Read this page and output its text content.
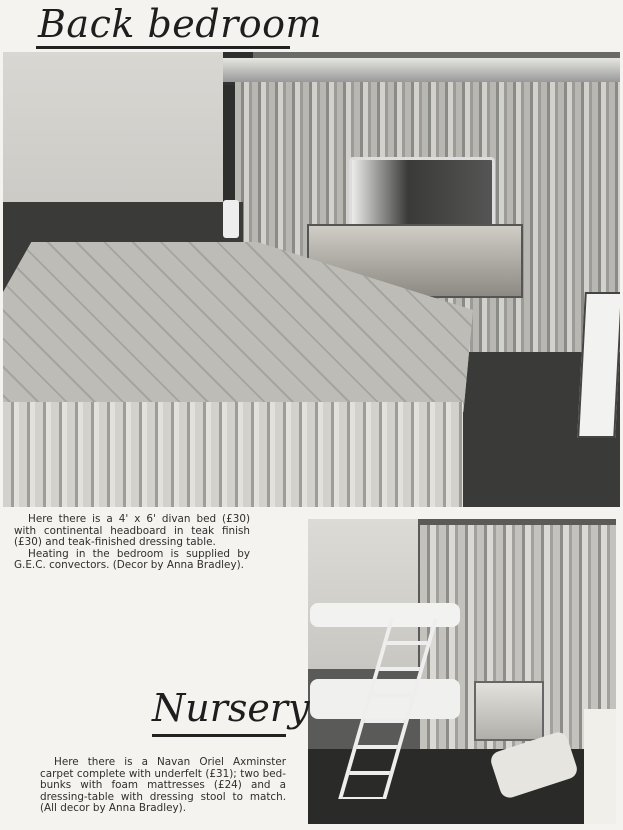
Back bedroom

Here there is a 4' x 6' divan bed (£30) with continental headboard in teak finish (£30) and teak-finished dressing table.

Heating in the bedroom is supplied by G.E.C. convectors. (Decor by Anna Bradley).

Nursery

Here there is a Navan Oriel Axminster carpet complete with underfelt (£31); two bed-bunks with foam mattresses (£24) and a dressing-table with dressing stool to match. (All decor by Anna Bradley).
